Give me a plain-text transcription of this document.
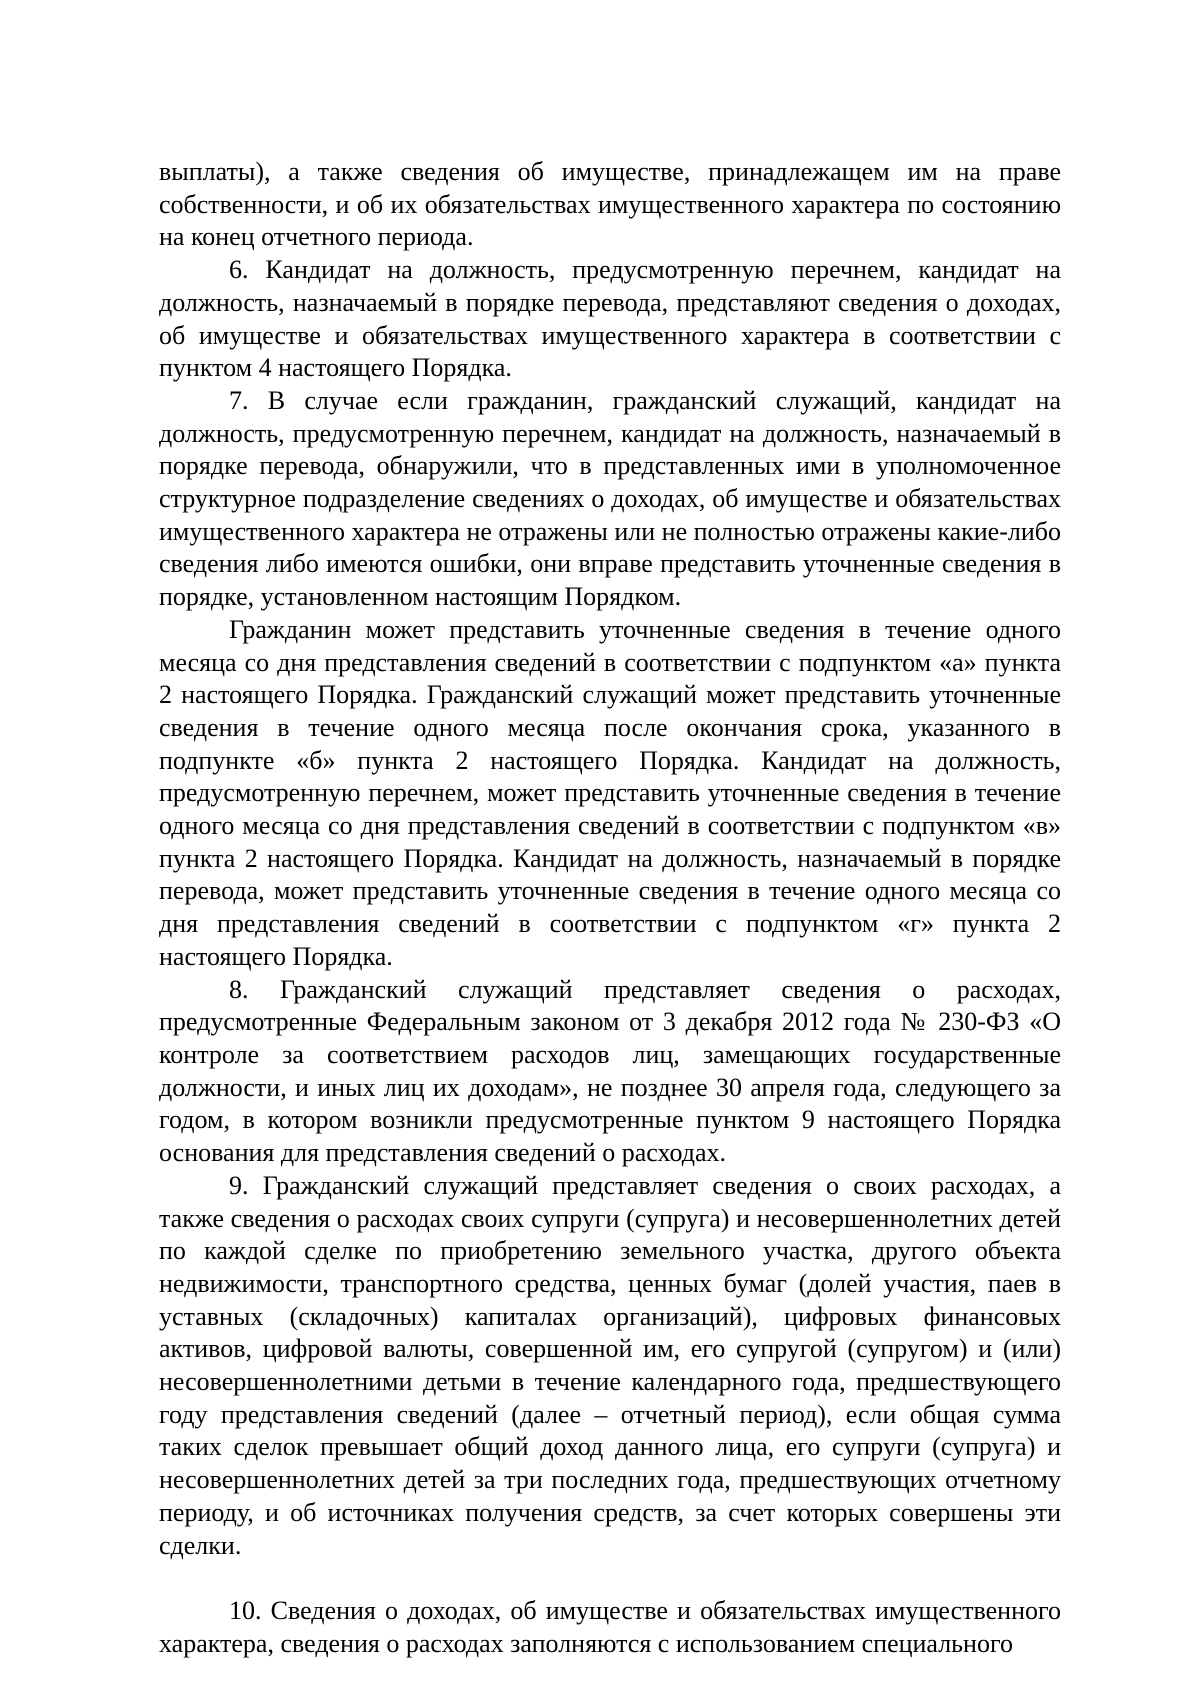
выплаты), а также сведения об имуществе, принадлежащем им на праве собственности, и об их обязательствах имущественного характера по состоянию на конец отчетного периода.

6. Кандидат на должность, предусмотренную перечнем, кандидат на должность, назначаемый в порядке перевода, представляют сведения о доходах, об имуществе и обязательствах имущественного характера в соответствии с пунктом 4 настоящего Порядка.

7. В случае если гражданин, гражданский служащий, кандидат на должность, предусмотренную перечнем, кандидат на должность, назначаемый в порядке перевода, обнаружили, что в представленных ими в уполномоченное структурное подразделение сведениях о доходах, об имуществе и обязательствах имущественного характера не отражены или не полностью отражены какие-либо сведения либо имеются ошибки, они вправе представить уточненные сведения в порядке, установленном настоящим Порядком.

Гражданин может представить уточненные сведения в течение одного месяца со дня представления сведений в соответствии с подпунктом «а» пункта 2 настоящего Порядка. Гражданский служащий может представить уточненные сведения в течение одного месяца после окончания срока, указанного в подпункте «б» пункта 2 настоящего Порядка. Кандидат на должность, предусмотренную перечнем, может представить уточненные сведения в течение одного месяца со дня представления сведений в соответствии с подпунктом «в» пункта 2 настоящего Порядка. Кандидат на должность, назначаемый в порядке перевода, может представить уточненные сведения в течение одного месяца со дня представления сведений в соответствии с подпунктом «г» пункта 2 настоящего Порядка.

8. Гражданский служащий представляет сведения о расходах, предусмотренные Федеральным законом от 3 декабря 2012 года № 230-ФЗ «О контроле за соответствием расходов лиц, замещающих государственные должности, и иных лиц их доходам», не позднее 30 апреля года, следующего за годом, в котором возникли предусмотренные пунктом 9 настоящего Порядка основания для представления сведений о расходах.

9. Гражданский служащий представляет сведения о своих расходах, а также сведения о расходах своих супруги (супруга) и несовершеннолетних детей по каждой сделке по приобретению земельного участка, другого объекта недвижимости, транспортного средства, ценных бумаг (долей участия, паев в уставных (складочных) капиталах организаций), цифровых финансовых активов, цифровой валюты, совершенной им, его супругой (супругом) и (или) несовершеннолетними детьми в течение календарного года, предшествующего году представления сведений (далее – отчетный период), если общая сумма таких сделок превышает общий доход данного лица, его супруги (супруга) и несовершеннолетних детей за три последних года, предшествующих отчетному периоду, и об источниках получения средств, за счет которых совершены эти сделки.

10. Сведения о доходах, об имуществе и обязательствах имущественного характера, сведения о расходах заполняются с использованием специального
